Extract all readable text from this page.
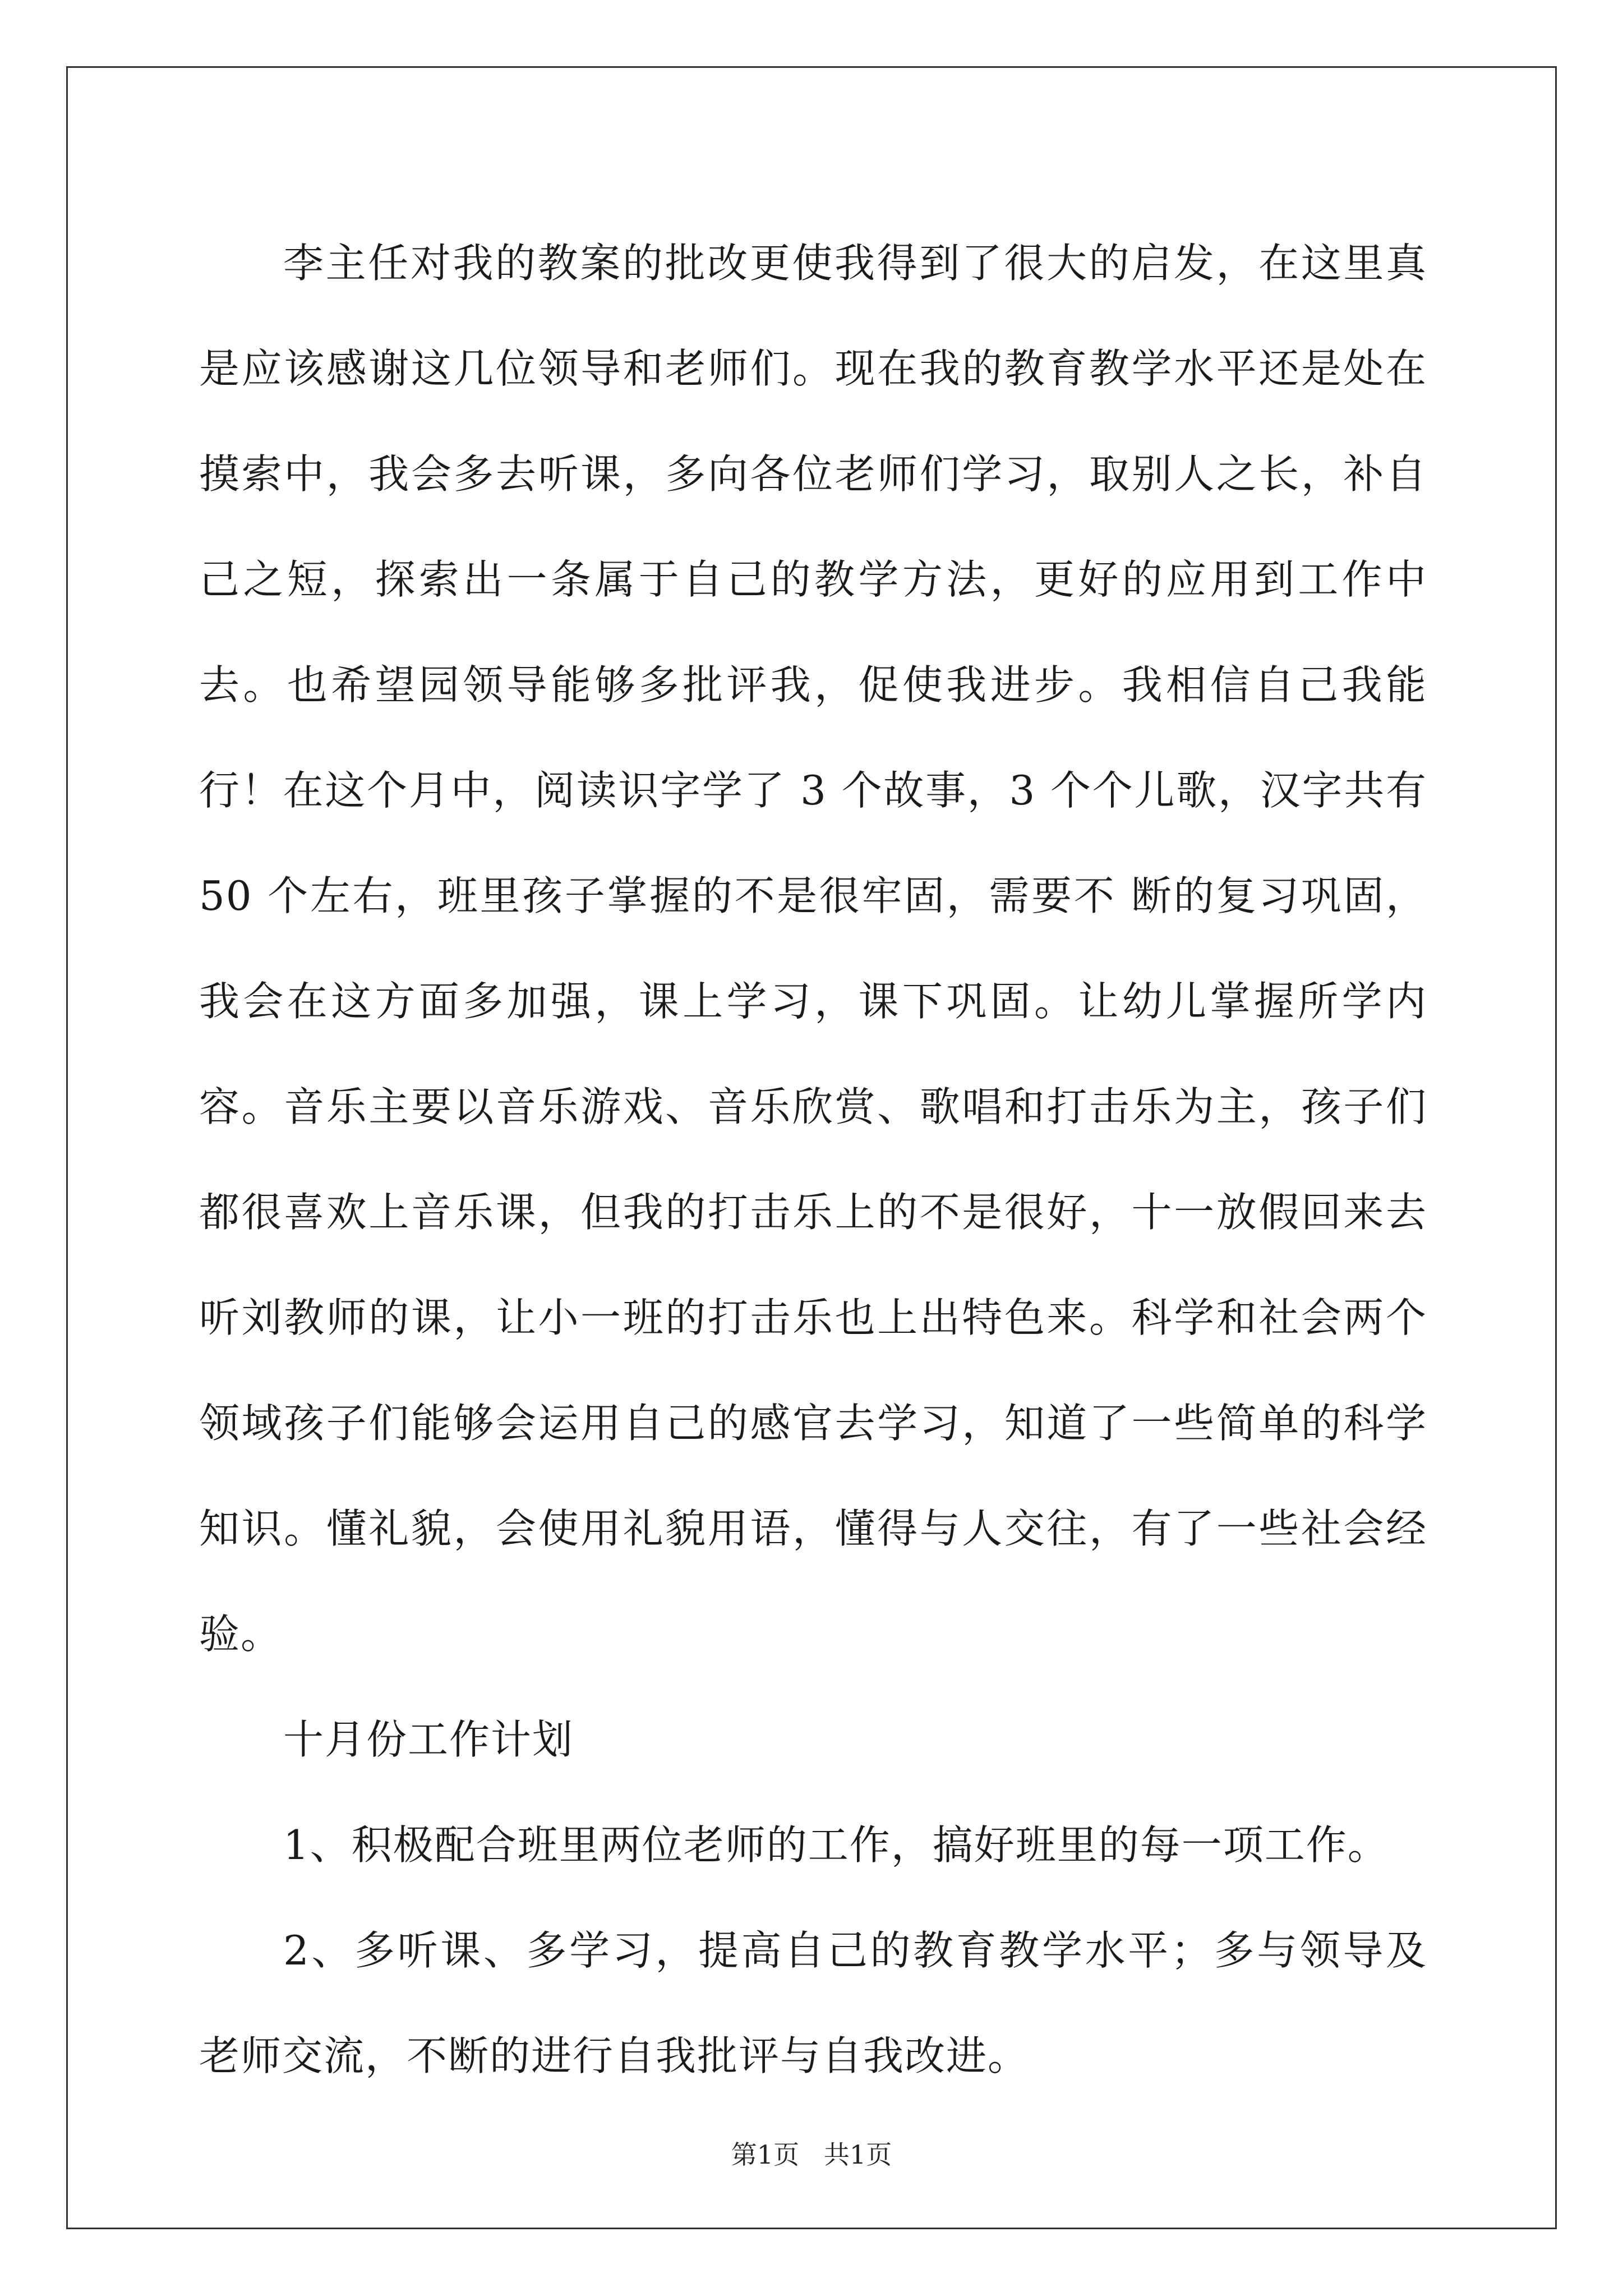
李主任对我的教案的批改更使我得到了很大的启发，在这里真是应该感谢这几位领导和老师们。现在我的教育教学水平还是处在摸索中，我会多去听课，多向各位老师们学习，取别人之长，补自己之短，探索出一条属于自己的教学方法，更好的应用到工作中去。也希望园领导能够多批评我，促使我进步。我相信自己我能行！在这个月中，阅读识字学了 3 个故事，3 个个儿歌，汉字共有 50 个左右，班里孩子掌握的不是很牢固，需要不 断的复习巩固，我会在这方面多加强，课上学习，课下巩固。让幼儿掌握所学内容。音乐主要以音乐游戏、音乐欣赏、歌唱和打击乐为主，孩子们都很喜欢上音乐课，但我的打击乐上的不是很好，十一放假回来去听刘教师的课，让小一班的打击乐也上出特色来。科学和社会两个领域孩子们能够会运用自己的感官去学习，知道了一些简单的科学知识。懂礼貌，会使用礼貌用语，懂得与人交往，有了一些社会经验。

十月份工作计划

1、积极配合班里两位老师的工作，搞好班里的每一项工作。

2、多听课、多学习，提高自己的教育教学水平；多与领导及老师交流，不断的进行自我批评与自我改进。

第1页   共1页
